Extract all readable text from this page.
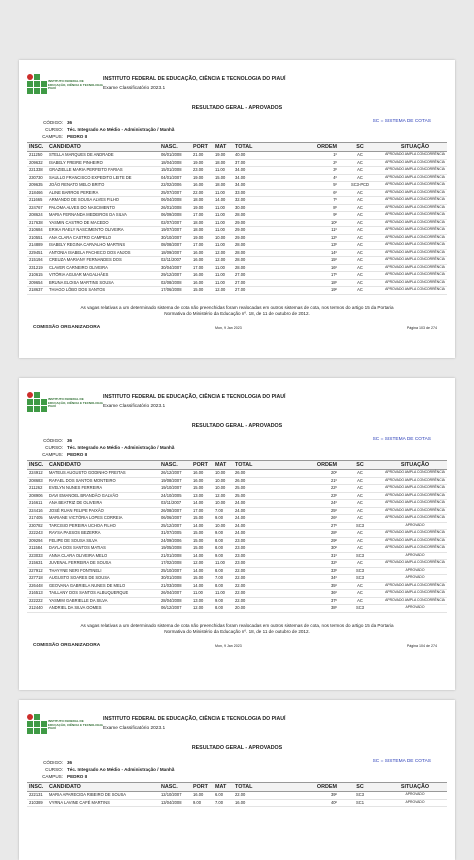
INSTITUTO FEDERAL DE
EDUCAÇÃO, CIÊNCIA E TECNOLOGIA
PIAUÍ
INSTITUTO FEDERAL DE EDUCAÇÃO, CIÊNCIA E TECNOLOGIA DO PIAUÍ
Exame Classificatório 2023.1
RESULTADO GERAL - APROVADOS
SC = SISTEMA DE COTAS
CÓDIGO: 36
CURSO: Téc. Integrado Ao Médio - Administração / Manhã
CAMPUS: PEDRO II
INSC. CANDIDATO	NASC.	PORT MAT TOTAL	ORDEM	SC	SITUAÇÃO
211250 STELLA MARQUES DE ANDRADE	06/01/2008	21.00	19.00 40.00	1º	AC	APROVADO AMPLA CONCORRÊNCIA
209632 ISABELY FREIRE PINHEIRO	18/04/2008	19.00	18.00 37.00	2º	AC	APROVADO AMPLA CONCORRÊNCIA
221338 GRAZIELLE MARIA PERFEITO FARIAS	15/01/2008	23.00	11.00 34.00	3º	AC	APROVADO AMPLA CONCORRÊNCIA
230730 SAULLO FRANCISCO EXPEDITO LEITE DE	04/01/2007	19.00	15.00 34.00	4º	AC	APROVADO AMPLA CONCORRÊNCIA
209635 JOÃO RENATO MELO BRITO	22/02/2006	16.00	18.00 34.00	5º	SC3-PCD	APROVADO AMPLA CONCORRÊNCIA
218466 ALINE BARROS PEREIRA	25/07/2007	22.00	11.00 33.00	6º	AC	APROVADO AMPLA CONCORRÊNCIA
211665 ARMANDO DE SOUSA ALVES FILHO	06/04/2008	18.00	14.00 32.00	7º	AC	APROVADO AMPLA CONCORRÊNCIA
224767 PALOMA ALVES DO NASCIMENTO	26/01/2008	19.00	11.00 30.00	8º	AC	APROVADO AMPLA CONCORRÊNCIA
208624 MARIA FERNANDA MEDEIROS DA SILVA	06/09/2008	17.00	11.00 28.00	9º	AC	APROVADO AMPLA CONCORRÊNCIA
217638 YASMIN CASTRO DE MACEDO	02/07/2007	18.00	11.00 29.00	10º	AC	APROVADO AMPLA CONCORRÊNCIA
210684 ERIKA RAELY NASCIMENTO OLIVEIRA	19/07/2007	18.00	11.00 29.00	11º	AC	APROVADO AMPLA CONCORRÊNCIA
210551 ANA CLARA CASTRO CAMPELO	30/10/2007	19.00	10.00 29.00	12º	AC	APROVADO AMPLA CONCORRÊNCIA
214889 ISABELY REGINA CARVALHO MARTINS	08/08/2007	17.00	11.00 28.00	13º	AC	APROVADO AMPLA CONCORRÊNCIA
229451 ANTONIA ISABELA PACHECO DOS ANJOS	18/09/2007	16.00	12.00 28.00	14º	AC	APROVADO AMPLA CONCORRÊNCIA
215194 CREUZA MARIANY FERNANDES DOS	02/11/2007	16.00	12.00 28.00	15º	AC	APROVADO AMPLA CONCORRÊNCIA
231219 CLAVER CARNEIRO OLIVEIRA	30/04/2007	17.00	11.00 28.00	16º	AC	APROVADO AMPLA CONCORRÊNCIA
210615 VITÓRIA AGUIAR MAGALHÃES	29/12/2007	16.00	11.00 27.00	17º	AC	APROVADO AMPLA CONCORRÊNCIA
209654 BRUNA ELOISA MARTINS SOUSA	02/08/2008	16.00	11.00 27.00	18º	AC	APROVADO AMPLA CONCORRÊNCIA
218637 THIAGO LÔBO DOS SANTOS	17/06/2008	15.00	12.00 27.00	19º	AC	APROVADO AMPLA CONCORRÊNCIA
As vagas relativas a um determinado sistema de cota não preenchidas foram realocadas em outros sistemas de cota, nos termos do artigo 15 da Portaria
Normativa do Ministério da Educação nº. 18, de 11 de outubro de 2012.
COMISSÃO ORGANIZADORA	Mon, 9 Jan 2023	Página 103 de 274
INSTITUTO FEDERAL DE
EDUCAÇÃO, CIÊNCIA E TECNOLOGIA
PIAUÍ
INSTITUTO FEDERAL DE EDUCAÇÃO, CIÊNCIA E TECNOLOGIA DO PIAUÍ
Exame Classificatório 2023.1
RESULTADO GERAL - APROVADOS
SC = SISTEMA DE COTAS
CÓDIGO: 36
CURSO: Téc. Integrado Ao Médio - Administração / Manhã
CAMPUS: PEDRO II
INSC. CANDIDATO	NASC.	PORT MAT TOTAL	ORDEM	SC	SITUAÇÃO
224912 MATEUS AUGUSTO GODINHO FREITAS	26/12/2007	16.00	10.00 26.00	20º	AC	APROVADO AMPLA CONCORRÊNCIA
208683 RAFAEL DOS SANTOS MONTEIRO	19/08/2007	16.00	10.00 26.00	21º	AC	APROVADO AMPLA CONCORRÊNCIA
211262 EVELYN NUNES FERREIRA	19/10/2007	15.00	10.00 25.00	22º	AC	APROVADO AMPLA CONCORRÊNCIA
208906 DAVI EMANOEL BRANDÃO GALVÃO	24/10/2005	13.00	12.00 25.00	23º	AC	APROVADO AMPLA CONCORRÊNCIA
216611 ANA BEATRIZ DE OLIVEIRA	03/11/2007	14.00	10.00 24.00	24º	AC	APROVADO AMPLA CONCORRÊNCIA
224416 JOSÉ RUAN FELIPE PAIXÃO	26/08/2007	17.00	7.00	24.00	25º	AC	APROVADO AMPLA CONCORRÊNCIA
217405 MARIANE VICTÓRIA LOPES CORREIA	06/06/2007	15.00	9.00	24.00	26º	AC	APROVADO AMPLA CONCORRÊNCIA
230782 TARCISIO PEREIRA UCHOA FILHO	25/12/2007	14.00	10.00 24.00	27º	SC3	APROVADO
222243 RAYSA PASSOS BEZERRA	31/07/2005	15.00	9.00	24.00	28º	AC	APROVADO AMPLA CONCORRÊNCIA
209294 FELIPE DE SOUSA SILVA	24/09/2006	15.00	8.00	23.00	29º	AC	APROVADO AMPLA CONCORRÊNCIA
211584 DAYLA DOS SANTOS MATIAS	19/05/2008	15.00	8.00	23.00	30º	AC	APROVADO AMPLA CONCORRÊNCIA
223033 ANNA CLARA OLIVEIRA MELO	21/01/2008	14.00	9.00	23.00	31º	SC3	APROVADO
215631 JUVENAL FERREIRA DE SOUSA	17/02/2008	12.00	11.00 23.00	32º	AC	APROVADO AMPLA CONCORRÊNCIA
227912 THAYYNE NERI FONTINELI	25/10/2007	14.00	8.00	22.00	33º	SC3	APROVADO
227718 AUGUSTO SOARES DE SOUSA	30/01/2008	15.00	7.00	22.00	34º	SC3	APROVADO
226448 GEOVANA GABRIELA NUNES DE MELO	21/03/2008	14.00	8.00	22.00	35º	AC	APROVADO AMPLA CONCORRÊNCIA
216513 TAILLANY DOS SANTOS ALBUQUERQUE	26/04/2007	11.00	11.00 22.00	36º	AC	APROVADO AMPLA CONCORRÊNCIA
222222 YASMIM GABRIELLE DA SILVA	28/04/2008	13.00	9.00	22.00	37º	AC	APROVADO AMPLA CONCORRÊNCIA
212440 ANDRIEL DA SILVA GOMES	06/12/2007	12.00	8.00	20.00	38º	SC3	APROVADO
As vagas relativas a um determinado sistema de cota não preenchidas foram realocadas em outros sistemas de cota, nos termos do artigo 15 da Portaria
Normativa do Ministério da Educação nº. 18, de 11 de outubro de 2012.
COMISSÃO ORGANIZADORA	Mon, 9 Jan 2023	Página 104 de 274
INSTITUTO FEDERAL DE
EDUCAÇÃO, CIÊNCIA E TECNOLOGIA
PIAUÍ
INSTITUTO FEDERAL DE EDUCAÇÃO, CIÊNCIA E TECNOLOGIA DO PIAUÍ
Exame Classificatório 2023.1
RESULTADO GERAL - APROVADOS
SC = SISTEMA DE COTAS
CÓDIGO: 36
CURSO: Téc. Integrado Ao Médio - Administração / Manhã
CAMPUS: PEDRO II
INSC. CANDIDATO	NASC.	PORT MAT TOTAL	ORDEM	SC	SITUAÇÃO
222131 MARIA APARECIDA RIBEIRO DE SOUSA	12/10/2007	16.00	6.00	22.00	39º	SC3	APROVADO
210389 VYRNA LAVINE CAFÉ MARTINS	13/04/2008	9.00	7.00	16.00	40º	SC1	APROVADO
